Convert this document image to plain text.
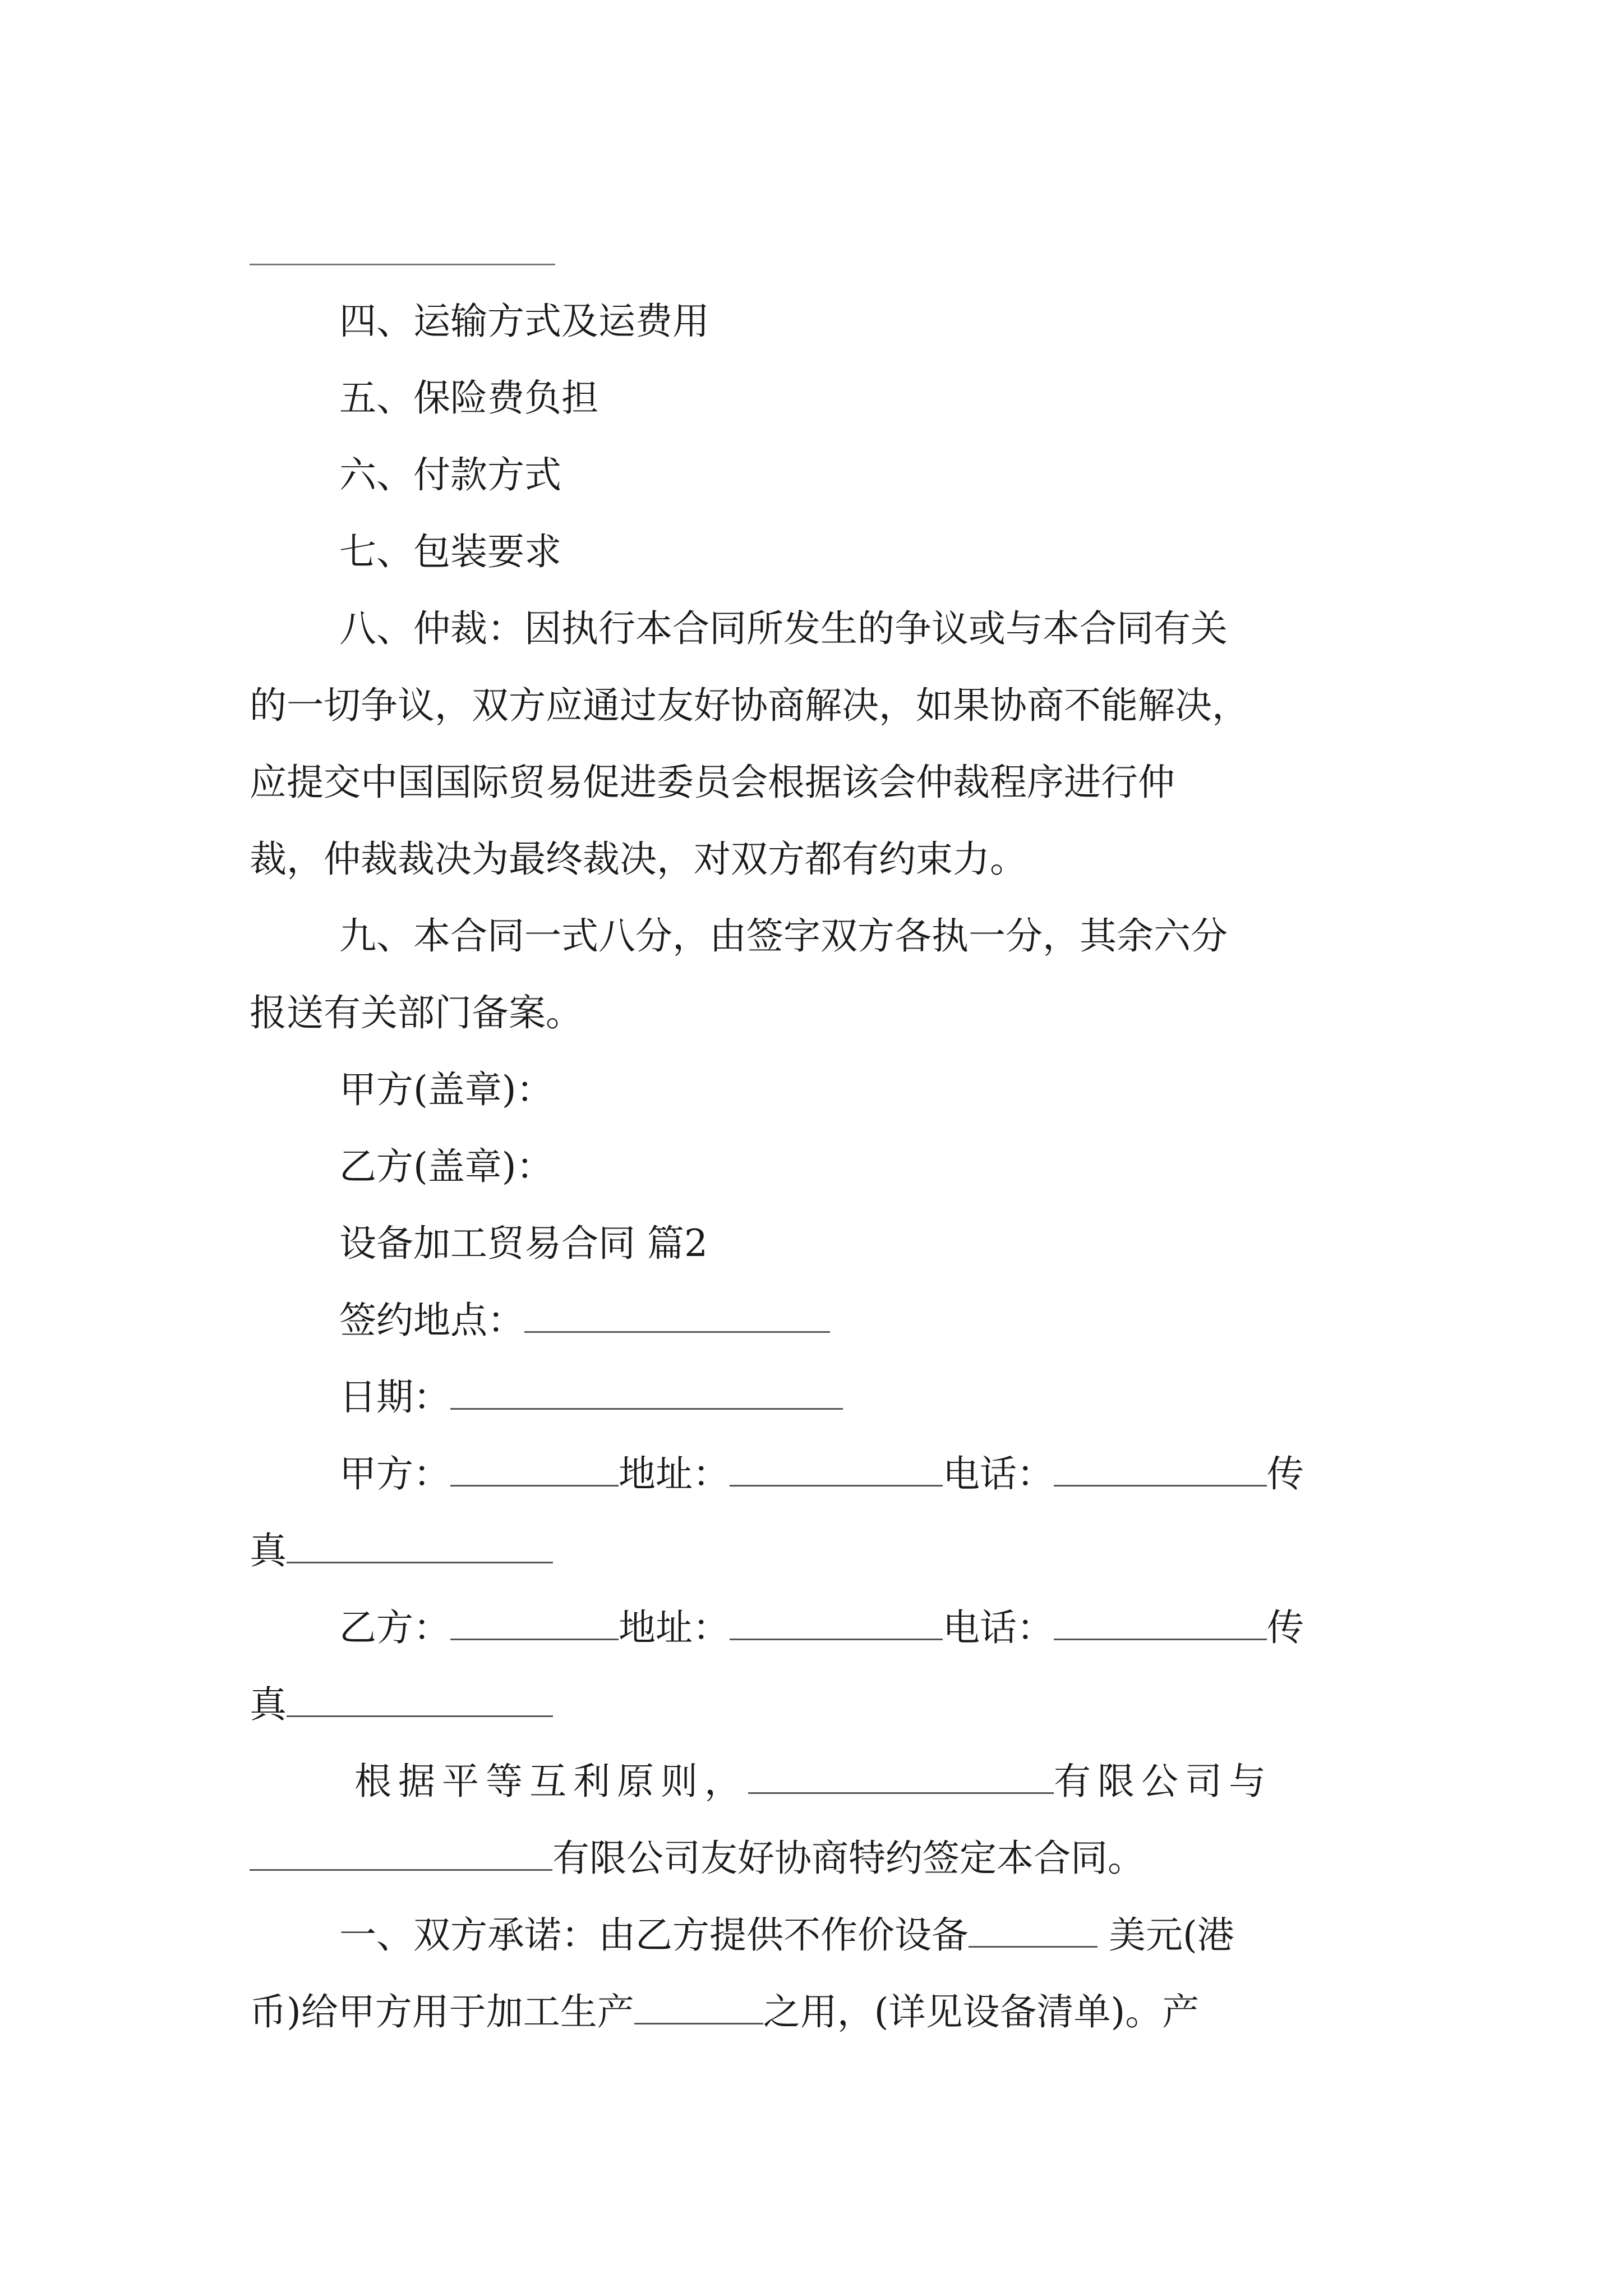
四、运输方式及运费用
五、保险费负担
六、付款方式
七、包装要求
八、仲裁：因执行本合同所发生的争议或与本合同有关
的一切争议，双方应通过友好协商解决，如果协商不能解决，
应提交中国国际贸易促进委员会根据该会仲裁程序进行仲
裁，仲裁裁决为最终裁决，对双方都有约束力。
九、本合同一式八分，由签字双方各执一分，其余六分
报送有关部门备案。
甲方(盖章)：
乙方(盖章)：
设备加工贸易合同 篇2
签约地点：
日期：
甲方：	地址：	电话：	传
真
乙方：	地址：	电话：	传
真
根据平等互利原则，	有限公司与
有限公司友好协商特约签定本合同。
一、双方承诺：由乙方提供不作价设备	美元(港
币)给甲方用于加工生产	之用，(详见设备清单)。产
